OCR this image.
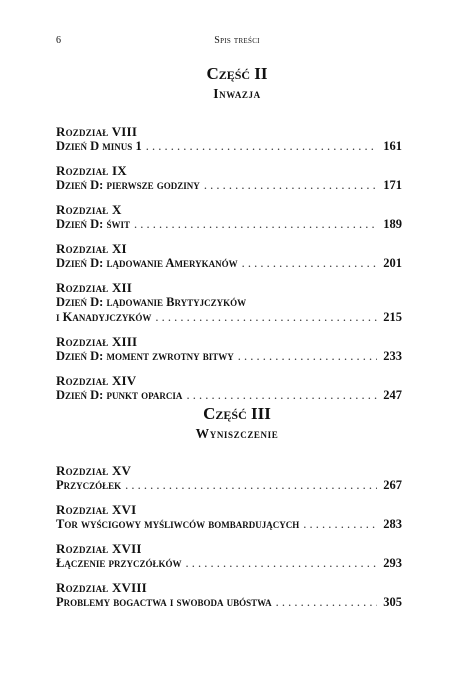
6	Spis treści
Część II
Inwazja
Rozdział VIII
Dzień D minus 1 . . .	161
Rozdział IX
Dzień D: pierwsze godziny . . .	171
Rozdział X
Dzień D: świt . . .	189
Rozdział XI
Dzień D: lądowanie Amerykanów . . .	201
Rozdział XII
Dzień D: lądowanie Brytyjczyków
i Kanadyjczyków . . .	215
Rozdział XIII
Dzień D: moment zwrotny bitwy . . .	233
Rozdział XIV
Dzień D: punkt oparcia . . .	247
Część III
Wyniszczenie
Rozdział XV
Przyczółek . . .	267
Rozdział XVI
Tor wyścigowy myśliwców bombardujących . . .	283
Rozdział XVII
Łączenie przyczółków . . .	293
Rozdział XVIII
Problemy bogactwa i swoboda ubóstwa . . .	305
